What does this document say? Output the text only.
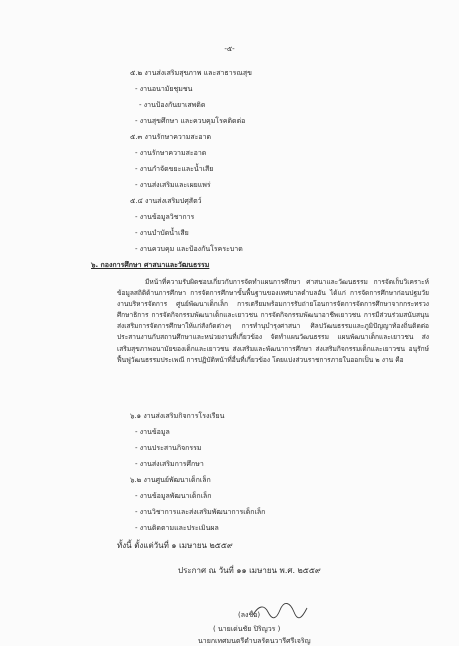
-๕-
๕.๒ งานส่งเสริมสุขภาพ และสาธารณสุข
- งานอนามัยชุมชน
- งานป้องกันยาเสพติด
- งานสุขศึกษา และควบคุมโรคติดต่อ
๕.๓ งานรักษาความสะอาด
- งานรักษาความสะอาด
- งานกำจัดขยะและน้ำเสีย
- งานส่งเสริมและเผยแพร่
๕.๔ งานส่งเสริมปศุสัตว์
- งานข้อมูลวิชาการ
- งานบำบัดน้ำเสีย
- งานควบคุม และป้องกันโรคระบาด
๖. กองการศึกษา ศาสนาและวัฒนธรรม
มีหน้าที่ความรับผิดชอบเกี่ยวกับการจัดทำแผนการศึกษา ศาสนาและวัฒนธรรม การจัดเก็บวิเคราะห์ข้อมูลสถิติด้านการศึกษา การจัดการศึกษาขั้นพื้นฐานของเทศบาลตำบลอัน ได้แก่ การจัดการศึกษาก่อนปฐมวัย งานบริหารจัดการ ศูนย์พัฒนาเด็กเล็ก การเตรียมพร้อมการรับถ่ายโอนการจัดการจัดการศึกษาจากกระทรวงศึกษาธิการ การจัดกิจกรรมพัฒนาเด็กและเยาวชน การจัดกิจกรรมพัฒนาอาชีพเยาวชน การมีส่วนร่วมสนับสนุนส่งเสริมการจัดการศึกษาให้แก่สังกัดต่างๆ การทำนุบำรุงศาสนา ศิลปวัฒนธรรมและภูมิปัญญาท้องถิ่นติดต่อประสานงานกับสถานศึกษาและหน่วยงานที่เกี่ยวข้อง จัดทำแผนวัฒนธรรม แผนพัฒนาเด็กและเยาวชน ส่งเสริมสุขภาพอนามัยของเด็กและเยาวชน ส่งเสริมและพัฒนาการศึกษา ส่งเสริมกิจกรรมเด็กและเยาวชน อนุรักษ์ฟื้นฟูวัฒนธรรมประเพณี การปฏิบัติหน้าที่อื่นที่เกี่ยวข้อง โดยแบ่งส่วนราชการภายในออกเป็น ๒ งาน คือ
๖.๑ งานส่งเสริมกิจการโรงเรียน
- งานข้อมูล
- งานประสานกิจกรรม
- งานส่งเสริมการศึกษา
๖.๒ งานศูนย์พัฒนาเด็กเล็ก
- งานข้อมูลพัฒนาเด็กเล็ก
- งานวิชาการและส่งเสริมพัฒนาการเด็กเล็ก
- งานติดตามและประเมินผล
ทั้งนี้ ตั้งแต่วันที่ ๑ เมษายน ๒๕๕๙
ประกาศ ณ วันที่ ๑๑ เมษายน พ.ศ. ๒๕๕๙
(ลงชื่อ)
( นายเด่นชัย ปิริญวร )
นายกเทศมนตรีตำบลรัตนวารีศรีเจริญ
